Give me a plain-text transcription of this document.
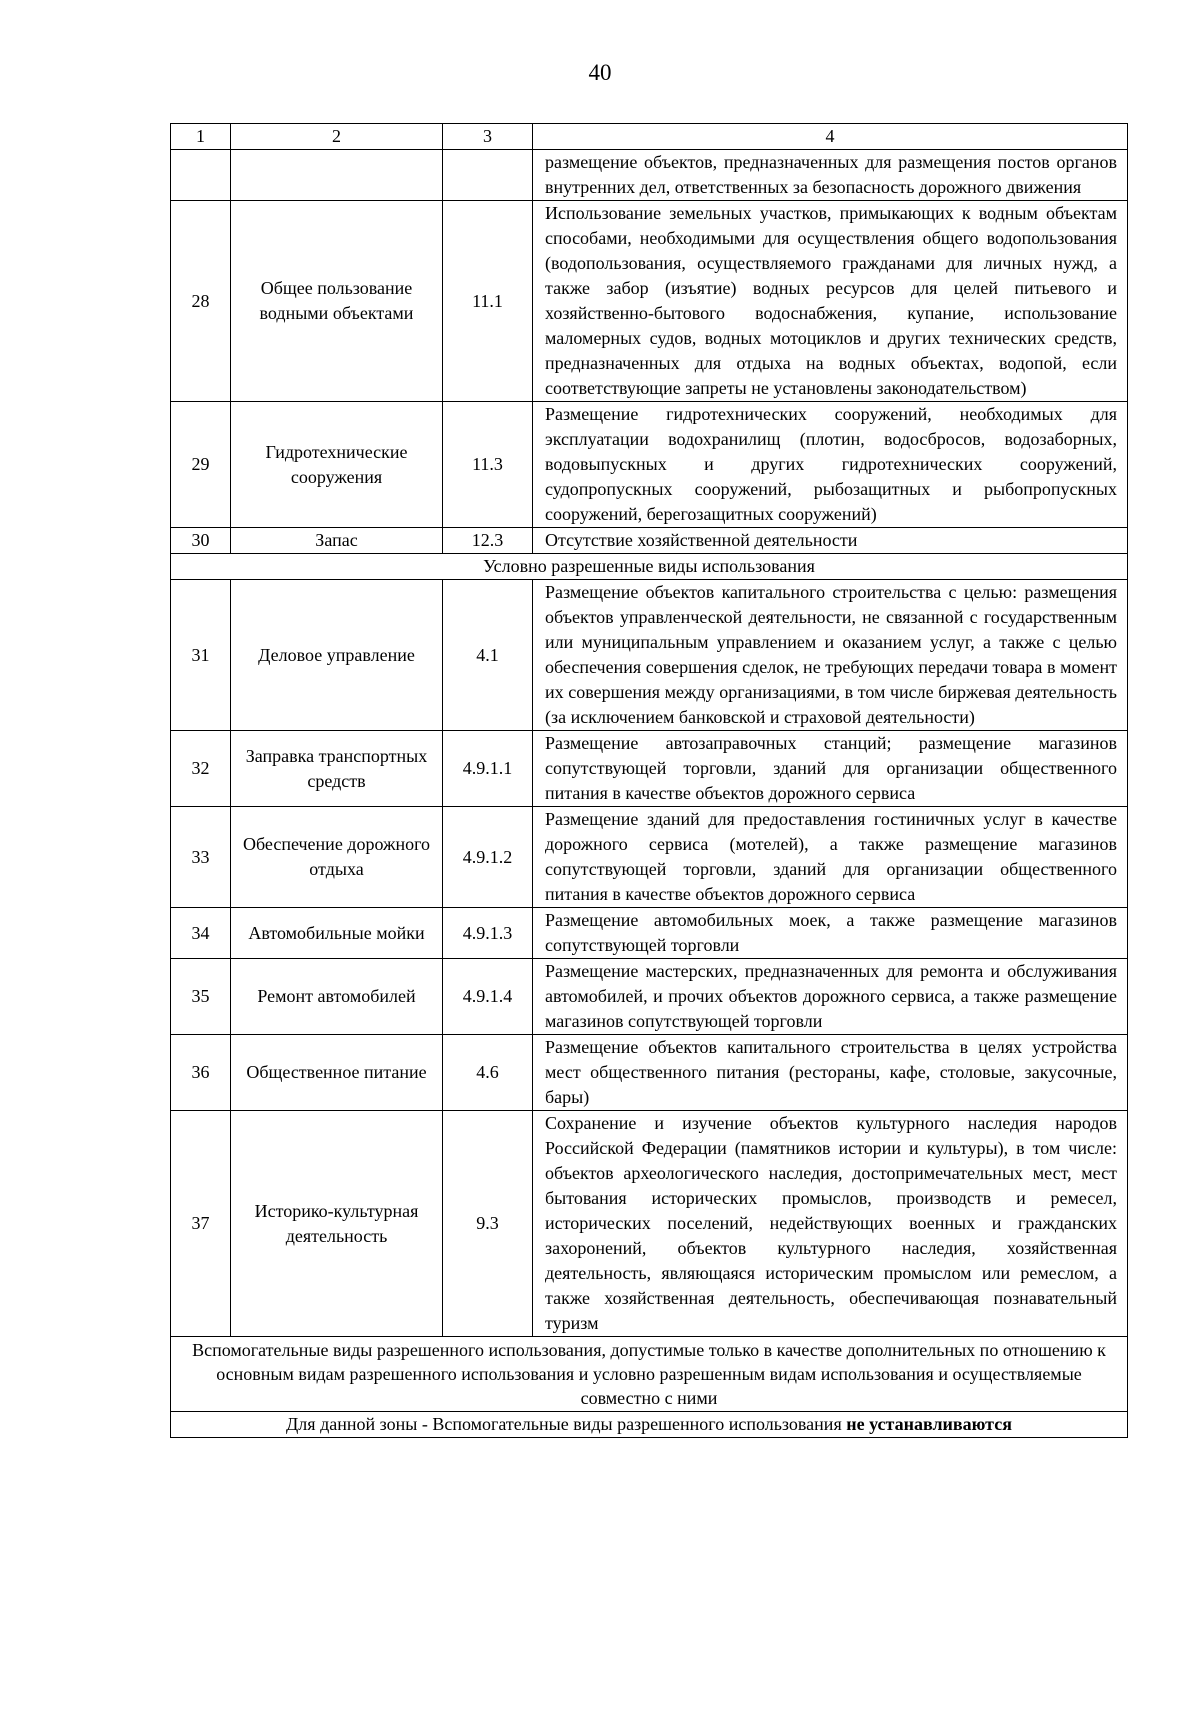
40
1	2	3	4
			размещение объектов, предназначенных для размещения постов органов внутренних дел, ответственных за безопасность дорожного движения
28	Общее пользование водными объектами	11.1	Использование земельных участков, примыкающих к водным объектам способами, необходимыми для осуществления общего водопользования (водопользования, осуществляемого гражданами для личных нужд, а также забор (изъятие) водных ресурсов для целей питьевого и хозяйственно-бытового водоснабжения, купание, использование маломерных судов, водных мотоциклов и других технических средств, предназначенных для отдыха на водных объектах, водопой, если соответствующие запреты не установлены законодательством)
29	Гидротехнические сооружения	11.3	Размещение гидротехнических сооружений, необходимых для эксплуатации водохранилищ (плотин, водосбросов, водозаборных, водовыпускных и других гидротехнических сооружений, судопропускных сооружений, рыбозащитных и рыбопропускных сооружений, берегозащитных сооружений)
30	Запас	12.3	Отсутствие хозяйственной деятельности
Условно разрешенные виды использования			
31	Деловое управление	4.1	Размещение объектов капитального строительства с целью: размещения объектов управленческой деятельности, не связанной с государственным или муниципальным управлением и оказанием услуг, а также с целью обеспечения совершения сделок, не требующих передачи товара в момент их совершения между организациями, в том числе биржевая деятельность (за исключением банковской и страховой деятельности)
32	Заправка транспортных средств	4.9.1.1	Размещение автозаправочных станций; размещение магазинов сопутствующей торговли, зданий для организации общественного питания в качестве объектов дорожного сервиса
33	Обеспечение дорожного отдыха	4.9.1.2	Размещение зданий для предоставления гостиничных услуг в качестве дорожного сервиса (мотелей), а также размещение магазинов сопутствующей торговли, зданий для организации общественного питания в качестве объектов дорожного сервиса
34	Автомобильные мойки	4.9.1.3	Размещение автомобильных моек, а также размещение магазинов сопутствующей торговли
35	Ремонт автомобилей	4.9.1.4	Размещение мастерских, предназначенных для ремонта и обслуживания автомобилей, и прочих объектов дорожного сервиса, а также размещение магазинов сопутствующей торговли
36	Общественное питание	4.6	Размещение объектов капитального строительства в целях устройства мест общественного питания (рестораны, кафе, столовые, закусочные, бары)
37	Историко-культурная деятельность	9.3	Сохранение и изучение объектов культурного наследия народов Российской Федерации (памятников истории и культуры), в том числе: объектов археологического наследия, достопримечательных мест, мест бытования исторических промыслов, производств и ремесел, исторических поселений, недействующих военных и гражданских захоронений, объектов культурного наследия, хозяйственная деятельность, являющаяся историческим промыслом или ремеслом, а также хозяйственная деятельность, обеспечивающая познавательный туризм
Вспомогательные виды разрешенного использования, допустимые только в качестве дополнительных по отношению к основным видам разрешенного использования и условно разрешенным видам использования и осуществляемые совместно с ними			
Для данной зоны - Вспомогательные виды разрешенного использования не устанавливаются			
